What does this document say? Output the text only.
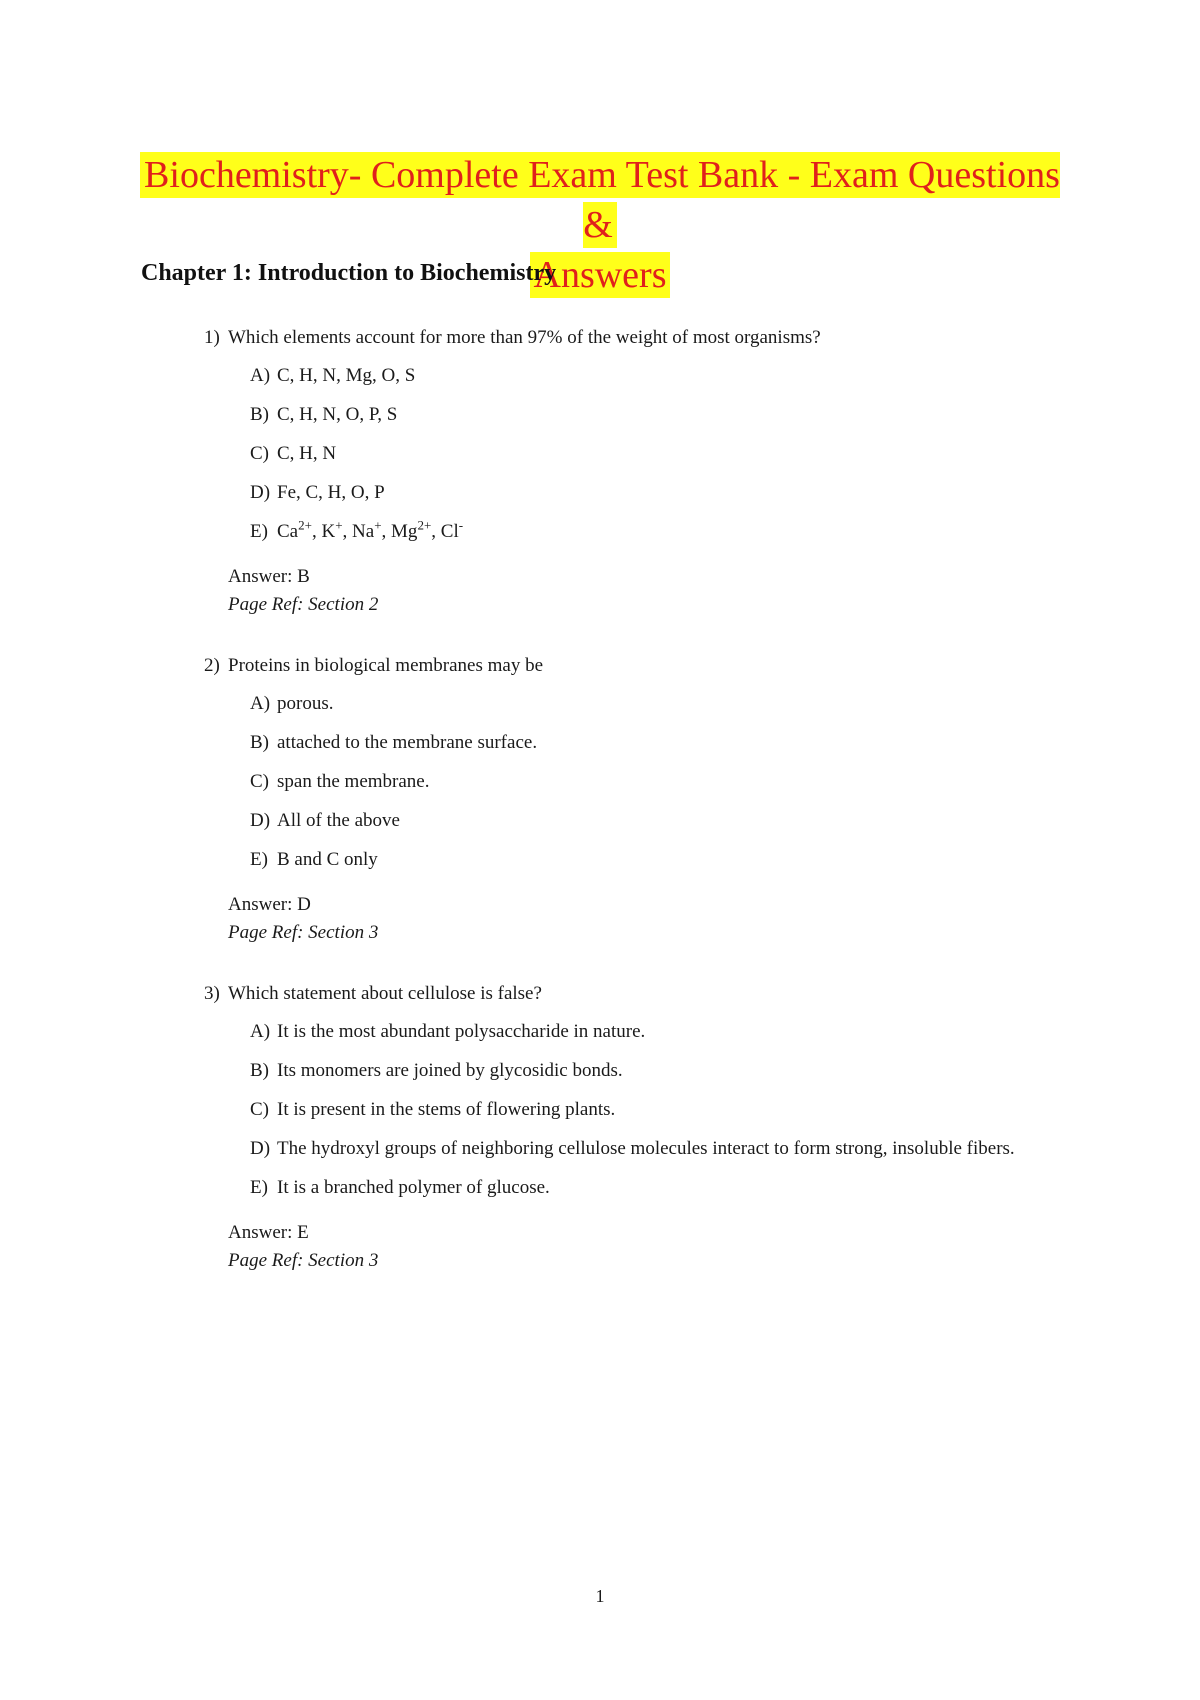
Biochemistry- Complete Exam Test Bank - Exam Questions &
Answers
Chapter 1: Introduction to Biochemistry
1) Which elements account for more than 97% of the weight of most organisms?
A) C, H, N, Mg, O, S
B) C, H, N, O, P, S
C) C, H, N
D) Fe, C, H, O, P
E) $Ca^{2+}$, K+, Na+, $Mg^{2+}$, Cl-
Answer: B
Page Ref: Section 2
2) Proteins in biological membranes may be
A) porous.
B) attached to the membrane surface.
C) span the membrane.
D) All of the above
E) B and C only
Answer: D
Page Ref: Section 3
3) Which statement about cellulose is false?
A) It is the most abundant polysaccharide in nature.
B) Its monomers are joined by glycosidic bonds.
C) It is present in the stems of flowering plants.
D) The hydroxyl groups of neighboring cellulose molecules interact to form strong, insoluble fibers.
E) It is a branched polymer of glucose.
Answer: E
Page Ref: Section 3
1
